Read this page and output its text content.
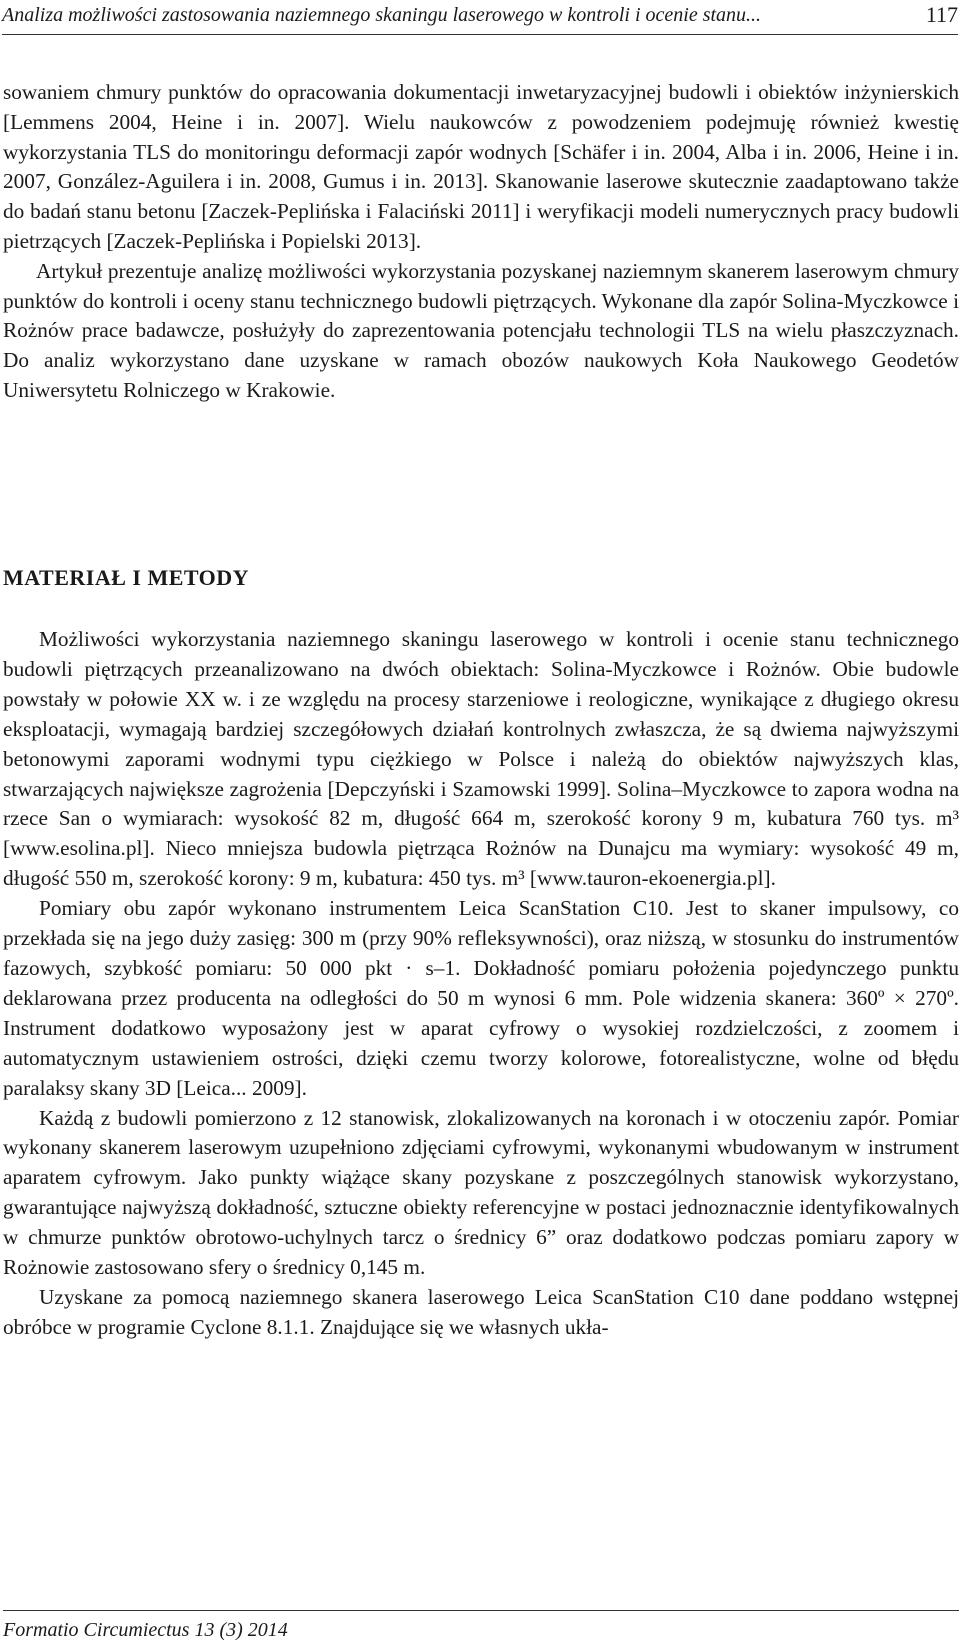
Analiza możliwości zastosowania naziemnego skaningu laserowego w kontroli i ocenie stanu...	117

sowaniem chmury punktów do opracowania dokumentacji inwetaryzacyjnej budowli i obiektów inżynierskich [Lemmens 2004, Heine i in. 2007]. Wielu naukowców z powodzeniem podejmuję również kwestię wykorzystania TLS do monitoringu deformacji zapór wodnych [Schäfer i in. 2004, Alba i in. 2006, Heine i in. 2007, González-Aguilera i in. 2008, Gumus i in. 2013]. Skanowanie laserowe skutecznie zaadaptowano także do badań stanu betonu [Zaczek-Peplińska i Falaciński 2011] i weryfikacji modeli numerycznych pracy budowli pietrzących [Zaczek-Peplińska i Popielski 2013].

Artykuł prezentuje analizę możliwości wykorzystania pozyskanej naziemnym skanerem laserowym chmury punktów do kontroli i oceny stanu technicznego budowli piętrzących. Wykonane dla zapór Solina-Myczkowce i Rożnów prace badawcze, posłużyły do zaprezentowania potencjału technologii TLS na wielu płaszczyznach. Do analiz wykorzystano dane uzyskane w ramach obozów naukowych Koła Naukowego Geodetów Uniwersytetu Rolniczego w Krakowie.

MATERIAŁ I METODY

Możliwości wykorzystania naziemnego skaningu laserowego w kontroli i ocenie stanu technicznego budowli piętrzących przeanalizowano na dwóch obiektach: Solina-Myczkowce i Rożnów. Obie budowle powstały w połowie XX w. i ze względu na procesy starzeniowe i reologiczne, wynikające z długiego okresu eksploatacji, wymagają bardziej szczegółowych działań kontrolnych zwłaszcza, że są dwiema najwyższymi betonowymi zaporami wodnymi typu ciężkiego w Polsce i należą do obiektów najwyższych klas, stwarzających największe zagrożenia [Depczyński i Szamowski 1999]. Solina–Myczkowce to zapora wodna na rzece San o wymiarach: wysokość 82 m, długość 664 m, szerokość korony 9 m, kubatura 760 tys. m³ [www.esolina.pl]. Nieco mniejsza budowla piętrząca Rożnów na Dunajcu ma wymiary: wysokość 49 m, długość 550 m, szerokość korony: 9 m, kubatura: 450 tys. m³ [www.tauron-ekoenergia.pl].

Pomiary obu zapór wykonano instrumentem Leica ScanStation C10. Jest to skaner impulsowy, co przekłada się na jego duży zasięg: 300 m (przy 90% refleksywności), oraz niższą, w stosunku do instrumentów fazowych, szybkość pomiaru: 50 000 pkt · s–1. Dokładność pomiaru położenia pojedynczego punktu deklarowana przez producenta na odległości do 50 m wynosi 6 mm. Pole widzenia skanera: 360º × 270º. Instrument dodatkowo wyposażony jest w aparat cyfrowy o wysokiej rozdzielczości, z zoomem i automatycznym ustawieniem ostrości, dzięki czemu tworzy kolorowe, fotorealistyczne, wolne od błędu paralaksy skany 3D [Leica... 2009].

Każdą z budowli pomierzono z 12 stanowisk, zlokalizowanych na koronach i w otoczeniu zapór. Pomiar wykonany skanerem laserowym uzupełniono zdjęciami cyfrowymi, wykonanymi wbudowanym w instrument aparatem cyfrowym. Jako punkty wiążące skany pozyskane z poszczególnych stanowisk wykorzystano, gwarantujące najwyższą dokładność, sztuczne obiekty referencyjne w postaci jednoznacznie identyfikowalnych w chmurze punktów obrotowo-uchylnych tarcz o średnicy 6” oraz dodatkowo podczas pomiaru zapory w Rożnowie zastosowano sfery o średnicy 0,145 m.

Uzyskane za pomocą naziemnego skanera laserowego Leica ScanStation C10 dane poddano wstępnej obróbce w programie Cyclone 8.1.1. Znajdujące się we własnych ukła-

Formatio Circumiectus 13 (3) 2014
